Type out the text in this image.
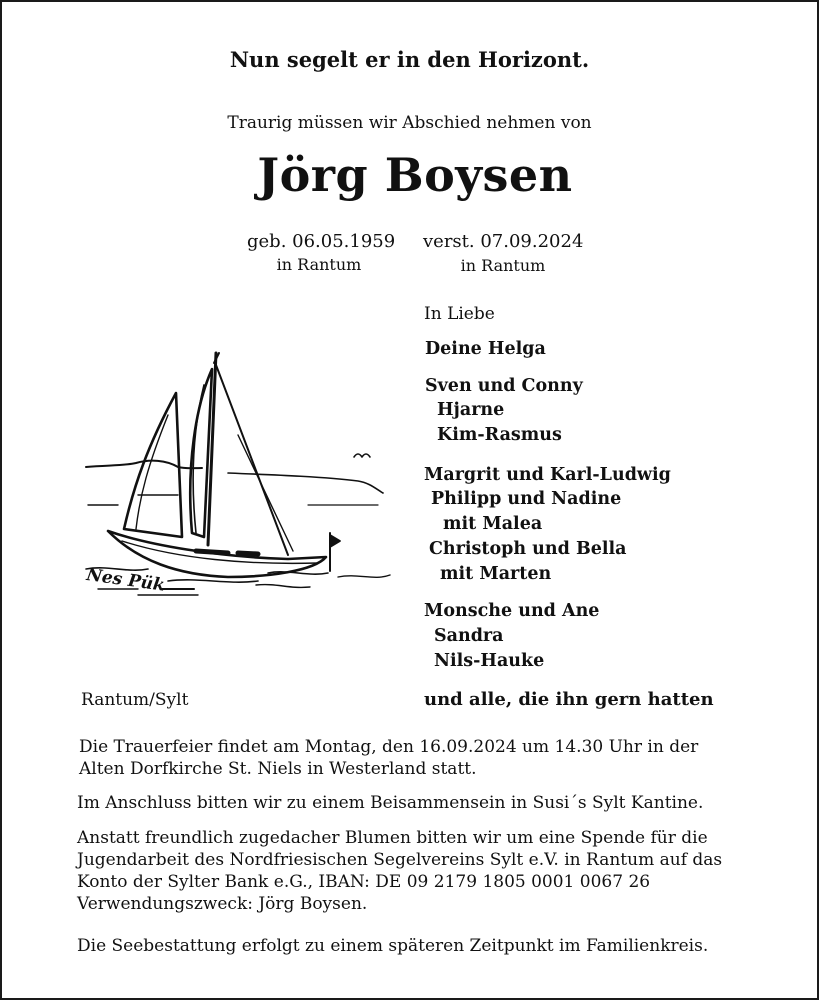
Nun segelt er in den Horizont.
Traurig müssen wir Abschied nehmen von
Jörg Boysen
geb. 06.05.1959
in Rantum
verst. 07.09.2024
in Rantum
Nes Pük
In Liebe
Deine Helga
Sven und Conny
Hjarne
Kim-Rasmus
Margrit und Karl-Ludwig
Philipp und Nadine
mit Malea
Christoph und Bella
mit Marten
Monsche und Ane
Sandra
Nils-Hauke
Rantum/Sylt	und alle, die ihn gern hatten
Die Trauerfeier findet am Montag, den 16.09.2024 um 14.30 Uhr in der
Alten Dorfkirche St. Niels in Westerland statt.
Im Anschluss bitten wir zu einem Beisammensein in Susi´s Sylt Kantine.
Anstatt freundlich zugedacher Blumen bitten wir um eine Spende für die
Jugendarbeit des Nordfriesischen Segelvereins Sylt e.V. in Rantum auf das
Konto der Sylter Bank e.G., IBAN: DE 09 2179 1805 0001 0067 26
Verwendungszweck: Jörg Boysen.
Die Seebestattung erfolgt zu einem späteren Zeitpunkt im Familienkreis.
